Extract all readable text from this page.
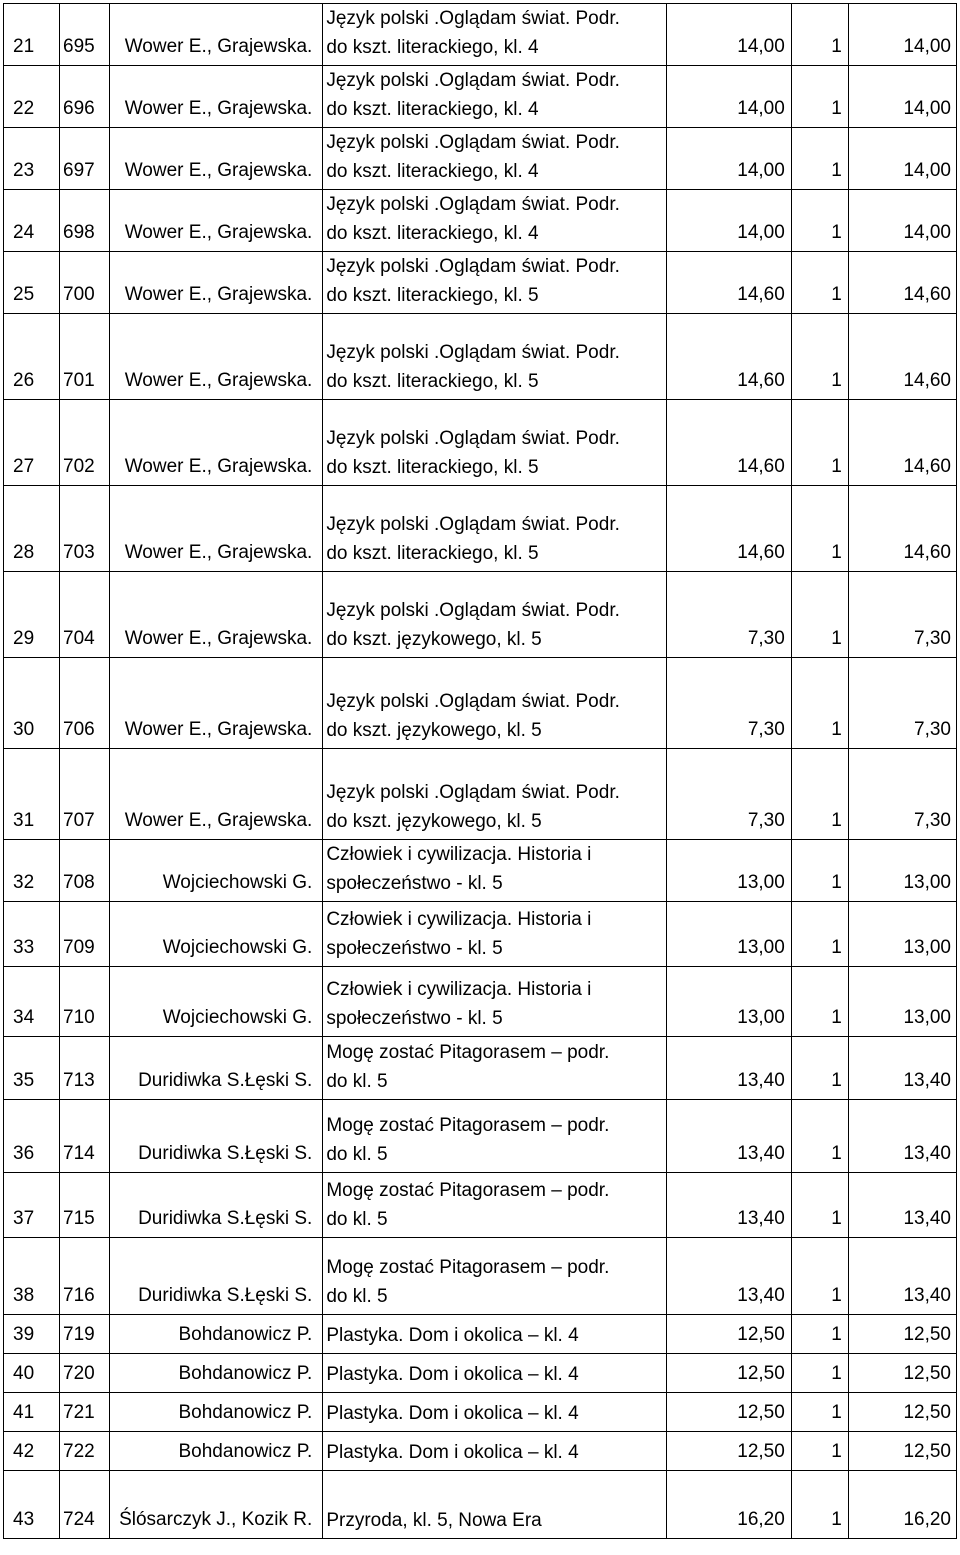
21	695	Wower E., Grajewska.	Język polski .Oglądam świat. Podr.
do kszt. literackiego, kl. 4	14,00	1	14,00
22	696	Wower E., Grajewska.	Język polski .Oglądam świat. Podr.
do kszt. literackiego, kl. 4	14,00	1	14,00
23	697	Wower E., Grajewska.	Język polski .Oglądam świat. Podr.
do kszt. literackiego, kl. 4	14,00	1	14,00
24	698	Wower E., Grajewska.	Język polski .Oglądam świat. Podr.
do kszt. literackiego, kl. 4	14,00	1	14,00
25	700	Wower E., Grajewska.	Język polski .Oglądam świat. Podr.
do kszt. literackiego, kl. 5	14,60	1	14,60
26	701	Wower E., Grajewska.	Język polski .Oglądam świat. Podr.
do kszt. literackiego, kl. 5	14,60	1	14,60
27	702	Wower E., Grajewska.	Język polski .Oglądam świat. Podr.
do kszt. literackiego, kl. 5	14,60	1	14,60
28	703	Wower E., Grajewska.	Język polski .Oglądam świat. Podr.
do kszt. literackiego, kl. 5	14,60	1	14,60
29	704	Wower E., Grajewska.	Język polski .Oglądam świat. Podr.
do kszt. językowego, kl. 5	7,30	1	7,30
30	706	Wower E., Grajewska.	Język polski .Oglądam świat. Podr.
do kszt. językowego, kl. 5	7,30	1	7,30
31	707	Wower E., Grajewska.	Język polski .Oglądam świat. Podr.
do kszt. językowego, kl. 5	7,30	1	7,30
32	708	Wojciechowski G.	Człowiek i cywilizacja. Historia i
społeczeństwo - kl. 5	13,00	1	13,00
33	709	Wojciechowski G.	Człowiek i cywilizacja. Historia i
społeczeństwo - kl. 5	13,00	1	13,00
34	710	Wojciechowski G.	Człowiek i cywilizacja. Historia i
społeczeństwo - kl. 5	13,00	1	13,00
35	713	Duridiwka S.Łęski S.	Mogę zostać Pitagorasem – podr.
do kl. 5	13,40	1	13,40
36	714	Duridiwka S.Łęski S.	Mogę zostać Pitagorasem – podr.
do kl. 5	13,40	1	13,40
37	715	Duridiwka S.Łęski S.	Mogę zostać Pitagorasem – podr.
do kl. 5	13,40	1	13,40
38	716	Duridiwka S.Łęski S.	Mogę zostać Pitagorasem – podr.
do kl. 5	13,40	1	13,40
39	719	Bohdanowicz P.	Plastyka. Dom i okolica – kl. 4	12,50	1	12,50
40	720	Bohdanowicz P.	Plastyka. Dom i okolica – kl. 4	12,50	1	12,50
41	721	Bohdanowicz P.	Plastyka. Dom i okolica – kl. 4	12,50	1	12,50
42	722	Bohdanowicz P.	Plastyka. Dom i okolica – kl. 4	12,50	1	12,50
43	724	Ślósarczyk J., Kozik R.	Przyroda, kl. 5, Nowa Era	16,20	1	16,20
